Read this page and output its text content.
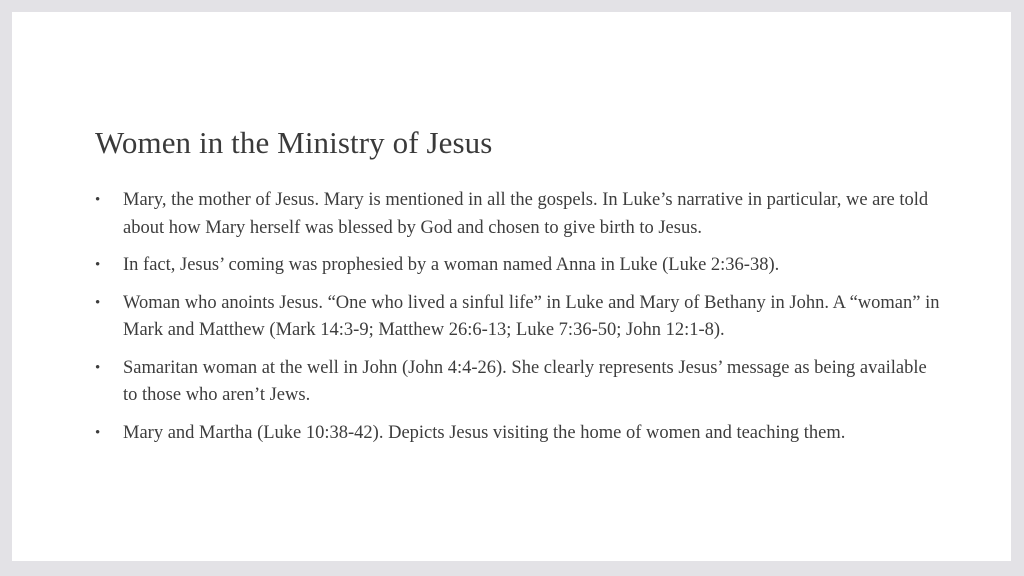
Women in the Ministry of Jesus
•	Mary, the mother of Jesus. Mary is mentioned in all the gospels. In Luke’s narrative in particular, we are told about how Mary herself was blessed by God and chosen to give birth to Jesus.
•	In fact, Jesus’ coming was prophesied by a woman named Anna in Luke (Luke 2:36-38).
•	Woman who anoints Jesus. “One who lived a sinful life” in Luke and Mary of Bethany in John. A “woman” in Mark and Matthew (Mark 14:3-9; Matthew 26:6-13; Luke 7:36-50; John 12:1-8).
•	Samaritan woman at the well in John (John 4:4-26). She clearly represents Jesus’ message as being available to those who aren’t Jews.
•	Mary and Martha (Luke 10:38-42). Depicts Jesus visiting the home of women and teaching them.
